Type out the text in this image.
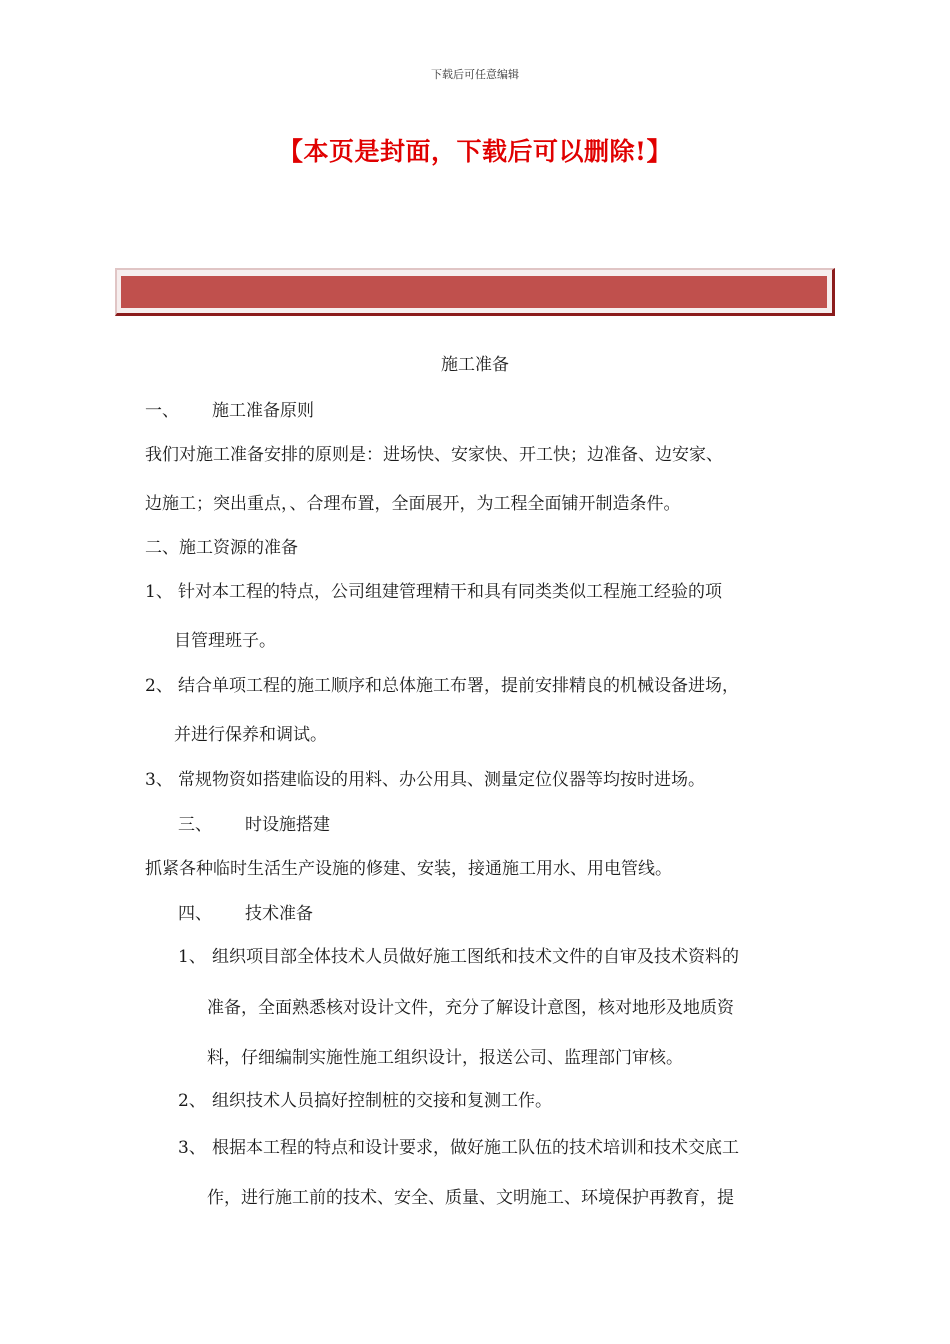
下载后可任意编辑
【本页是封面，下载后可以删除!】
施工准备
一、 施工准备原则
我们对施工准备安排的原则是：进场快、安家快、开工快；边准备、边安家、
边施工；突出重点，、合理布置，全面展开，为工程全面铺开制造条件。
二、施工资源的准备
1、 针对本工程的特点，公司组建管理精干和具有同类类似工程施工经验的项
目管理班子。
2、 结合单项工程的施工顺序和总体施工布署，提前安排精良的机械设备进场，
并进行保养和调试。
3、 常规物资如搭建临设的用料、办公用具、测量定位仪器等均按时进场。
三、 时设施搭建
抓紧各种临时生活生产设施的修建、安装，接通施工用水、用电管线。
四、 技术准备
1、 组织项目部全体技术人员做好施工图纸和技术文件的自审及技术资料的
准备，全面熟悉核对设计文件，充分了解设计意图，核对地形及地质资
料，仔细编制实施性施工组织设计，报送公司、监理部门审核。
2、 组织技术人员搞好控制桩的交接和复测工作。
3、 根据本工程的特点和设计要求，做好施工队伍的技术培训和技术交底工
作，进行施工前的技术、安全、质量、文明施工、环境保护再教育，提
